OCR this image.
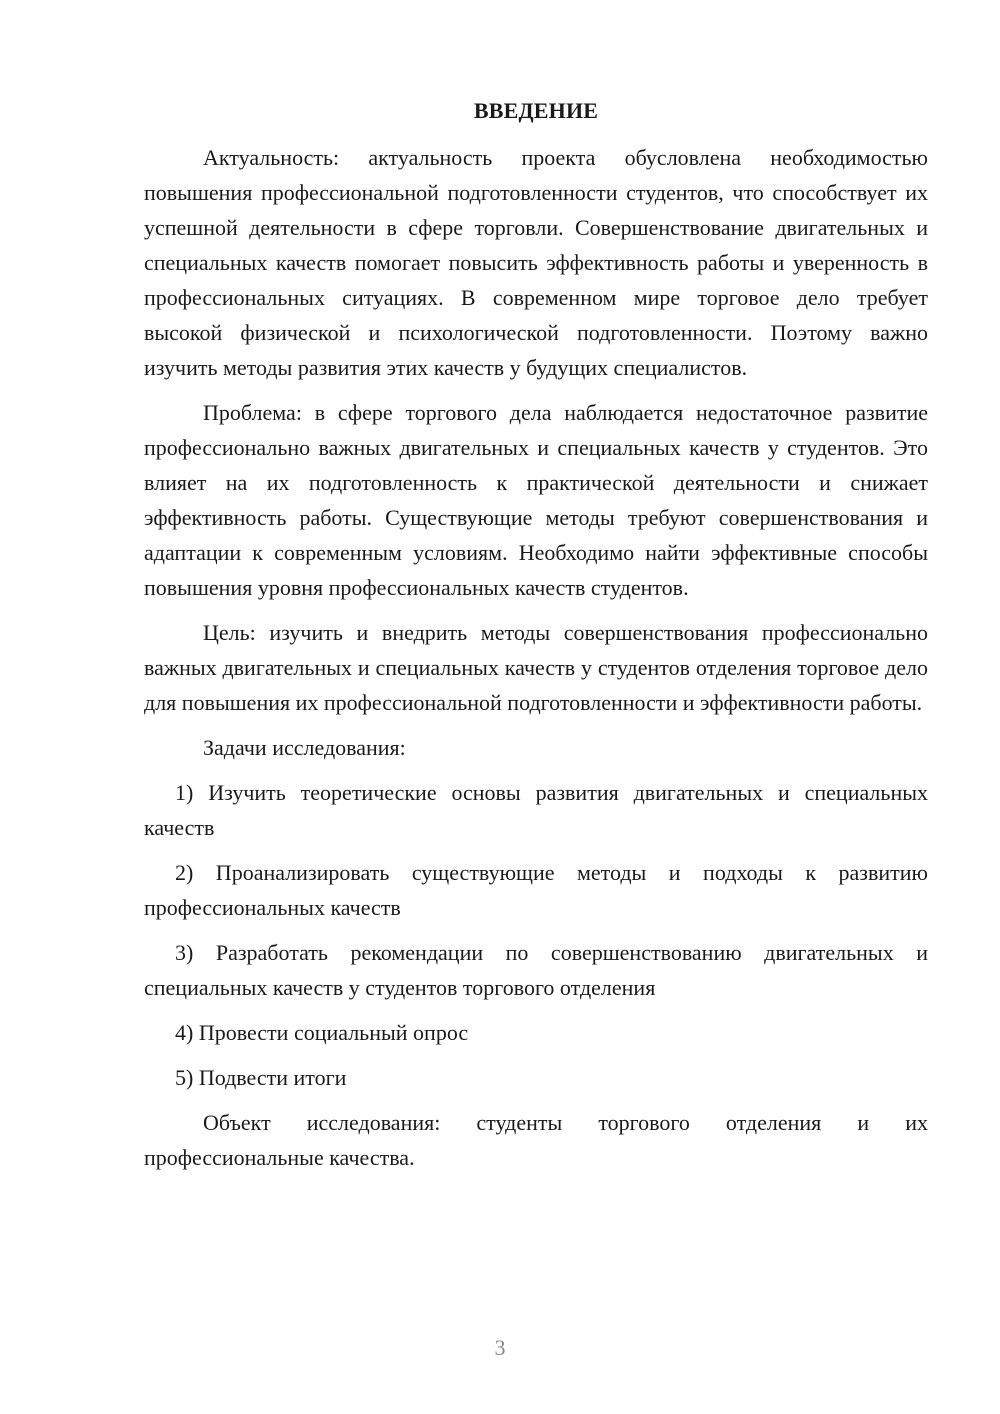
ВВЕДЕНИЕ

Актуальность: актуальность проекта обусловлена необходимостью повышения профессиональной подготовленности студентов, что способствует их успешной деятельности в сфере торговли. Совершенствование двигательных и специальных качеств помогает повысить эффективность работы и уверенность в профессиональных ситуациях. В современном мире торговое дело требует высокой физической и психологической подготовленности. Поэтому важно изучить методы развития этих качеств у будущих специалистов.

Проблема: в сфере торгового дела наблюдается недостаточное развитие профессионально важных двигательных и специальных качеств у студентов. Это влияет на их подготовленность к практической деятельности и снижает эффективность работы. Существующие методы требуют совершенствования и адаптации к современным условиям. Необходимо найти эффективные способы повышения уровня профессиональных качеств студентов.

Цель: изучить и внедрить методы совершенствования профессионально важных двигательных и специальных качеств у студентов отделения торговое дело для повышения их профессиональной подготовленности и эффективности работы.

Задачи исследования:

1) Изучить теоретические основы развития двигательных и специальных качеств

2) Проанализировать существующие методы и подходы к развитию профессиональных качеств

3) Разработать рекомендации по совершенствованию двигательных и специальных качеств у студентов торгового отделения

4) Провести социальный опрос

5) Подвести итоги

Объект исследования: студенты торгового отделения и их профессиональные качества.

3
